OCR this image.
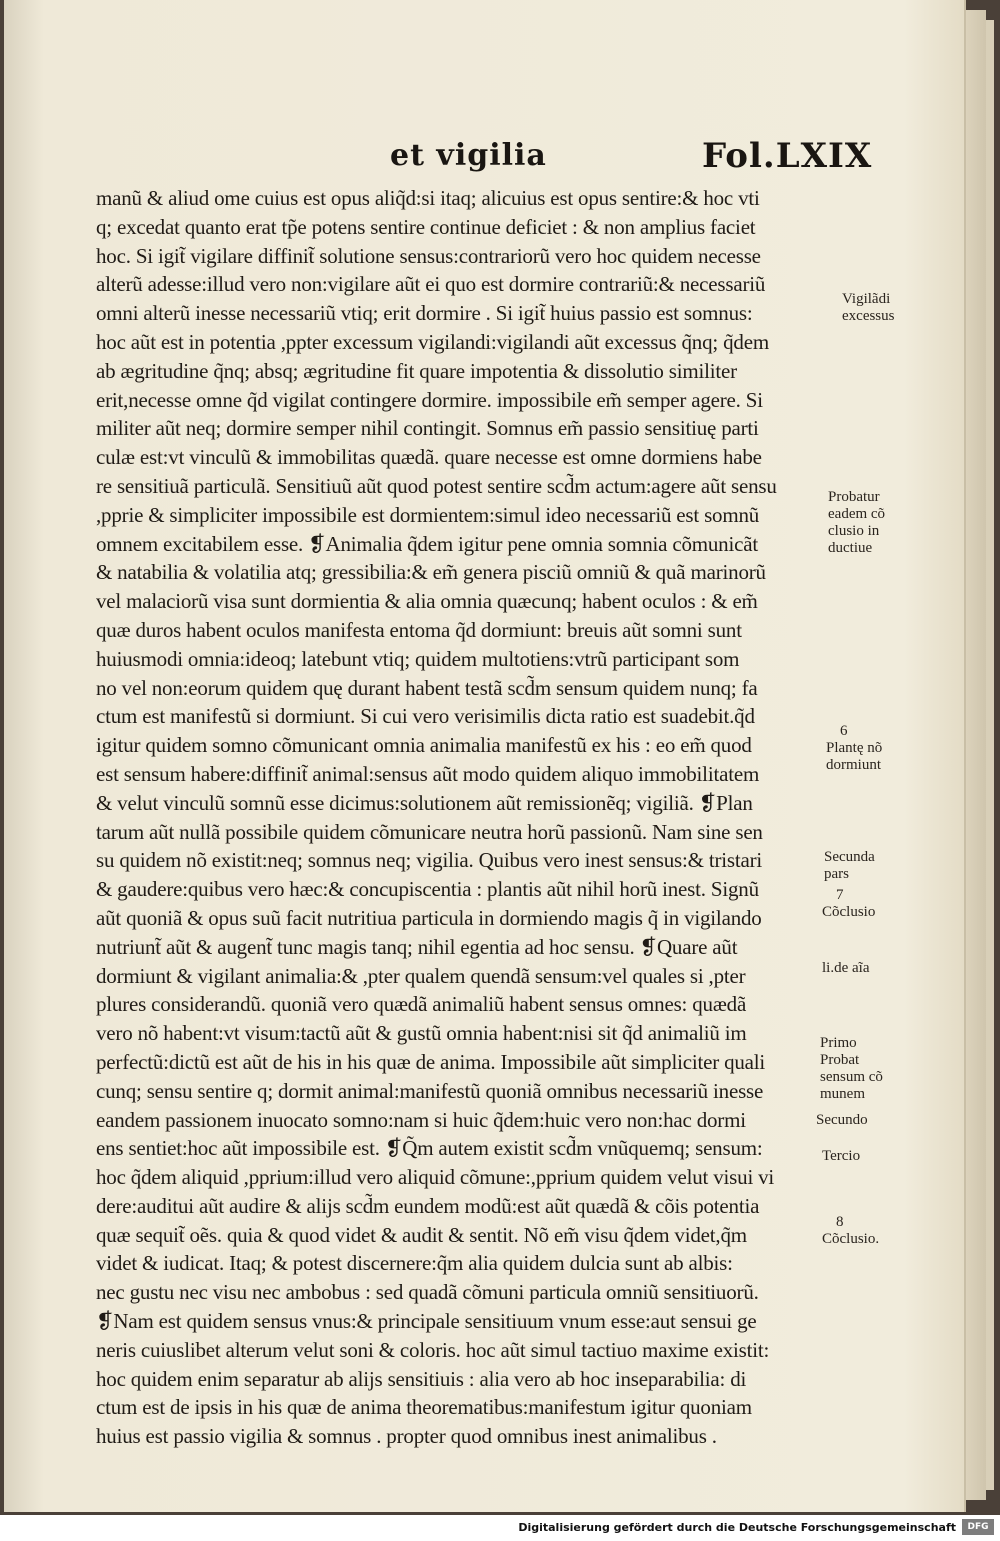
et vigilia	Fol.LXIX
manũ & aliud ome cuius est opus aliq̃d:si itaq; alicuius est opus sentire:& hoc vti
q; excedat quanto erat tp̃e potens sentire continue deficiet : & non amplius faciet
hoc. Si igit̃ vigilare diffinit̃ solutione sensus:contrariorũ vero hoc quidem necesse
alterũ adesse:illud vero non:vigilare aũt ei quo est dormire contrariũ:& necessariũ
omni alterũ inesse necessariũ vtiq; erit dormire . Si igit̃ huius passio est somnus:
hoc aũt est in potentia ,ppter excessum vigilandi:vigilandi aũt excessus q̃nq; q̃dem
ab ægritudine q̃nq; absq; ægritudine fit quare impotentia & dissolutio similiter
erit,necesse omne q̃d vigilat contingere dormire. impossibile em̃ semper agere. Si
militer aũt neq; dormire semper nihil contingit. Somnus em̃ passio sensitiuę parti
culæ est:vt vinculũ & immobilitas quædã. quare necesse est omne dormiens habe
re sensitiuã particulã. Sensitiuũ aũt quod potest sentire scd̃m actum:agere aũt sensu
,pprie & simpliciter impossibile est dormientem:simul ideo necessariũ est somnũ
omnem excitabilem esse. ❡Animalia q̃dem igitur pene omnia somnia cõmunicãt
& natabilia & volatilia atq; gressibilia:& em̃ genera pisciũ omniũ & quã marinorũ
vel malaciorũ visa sunt dormientia & alia omnia quæcunq; habent oculos : & em̃
quæ duros habent oculos manifesta entoma q̃d dormiunt: breuis aũt somni sunt
huiusmodi omnia:ideoq; latebunt vtiq; quidem multotiens:vtrũ participant som
no vel non:eorum quidem quę durant habent testã scd̃m sensum quidem nunq; fa
ctum est manifestũ si dormiunt. Si cui vero verisimilis dicta ratio est suadebit.q̃d
igitur quidem somno cõmunicant omnia animalia manifestũ ex his : eo em̃ quod
est sensum habere:diffinit̃ animal:sensus aũt modo quidem aliquo immobilitatem
& velut vinculũ somnũ esse dicimus:solutionem aũt remissionẽq; vigiliã. ❡Plan
tarum aũt nullã possibile quidem cõmunicare neutra horũ passionũ. Nam sine sen
su quidem nõ existit:neq; somnus neq; vigilia. Quibus vero inest sensus:& tristari
& gaudere:quibus vero hæc:& concupiscentia : plantis aũt nihil horũ inest. Signũ
aũt quoniã & opus suũ facit nutritiua particula in dormiendo magis q̃ in vigilando
nutriunt̃ aũt & augent̃ tunc magis tanq; nihil egentia ad hoc sensu. ❡Quare aũt
dormiunt & vigilant animalia:& ,pter qualem quendã sensum:vel quales si ,pter
plures considerandũ. quoniã vero quædã animaliũ habent sensus omnes: quædã
vero nõ habent:vt visum:tactũ aũt & gustũ omnia habent:nisi sit q̃d animaliũ im
perfectũ:dictũ est aũt de his in his quæ de anima. Impossibile aũt simpliciter quali
cunq; sensu sentire q; dormit animal:manifestũ quoniã omnibus necessariũ inesse
eandem passionem inuocato somno:nam si huic q̃dem:huic vero non:hac dormi
ens sentiet:hoc aũt impossibile est. ❡Q̃m autem existit scd̃m vnũquemq; sensum:
hoc q̃dem aliquid ,pprium:illud vero aliquid cõmune:,pprium quidem velut visui vi
dere:auditui aũt audire & alijs scd̃m eundem modũ:est aũt quædã & cõis potentia
quæ sequit̃ oẽs. quia & quod videt & audit & sentit. Nõ em̃ visu q̃dem videt,q̃m
videt & iudicat. Itaq; & potest discernere:q̃m alia quidem dulcia sunt ab albis:
nec gustu nec visu nec ambobus : sed quadã cõmuni particula omniũ sensitiuorũ.
❡Nam est quidem sensus vnus:& principale sensitiuum vnum esse:aut sensui ge
neris cuiuslibet alterum velut soni & coloris. hoc aũt simul tactiuo maxime existit:
hoc quidem enim separatur ab alijs sensitiuis : alia vero ab hoc inseparabilia: di
ctum est de ipsis in his quæ de anima theorematibus:manifestum igitur quoniam
huius est passio vigilia & somnus . propter quod omnibus inest animalibus .
Vigilãdi
excessus
Probatur
eadem cõ
clusio in
ductiue
6
Plantę nõ
dormiunt
Secunda
pars
7
Cõclusio
li.de aĩa
Primo
Probat
sensum cõ
munem
Secundo
Tercio
8
Cõclusio.
Digitalisierung gefördert durch die Deutsche Forschungsgemeinschaft	DFG
